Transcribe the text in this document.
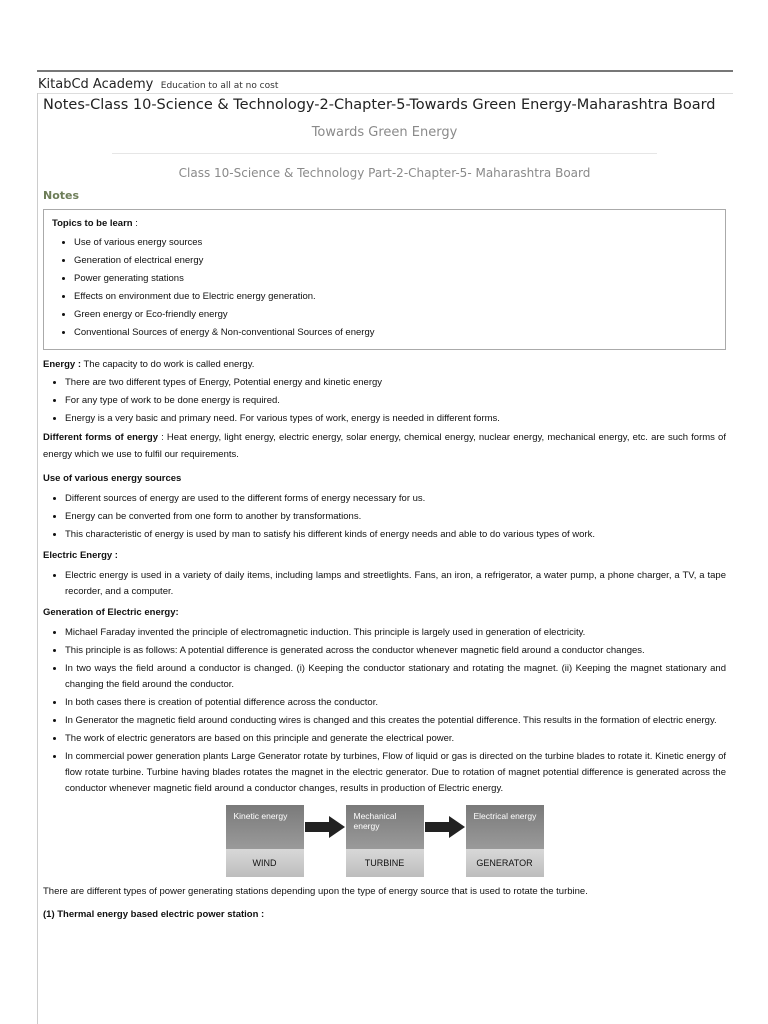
KitabCd Academy Education to all at no cost
Notes-Class 10-Science & Technology-2-Chapter-5-Towards Green Energy-Maharashtra Board
Towards Green Energy
Class 10-Science & Technology Part-2-Chapter-5- Maharashtra Board
Notes
Topics to be learn :
• Use of various energy sources
• Generation of electrical energy
• Power generating stations
• Effects on environment due to Electric energy generation.
• Green energy or Eco-friendly energy
• Conventional Sources of energy & Non-conventional Sources of energy

Energy : The capacity to do work is called energy.

• There are two different types of Energy, Potential energy and kinetic energy
• For any type of work to be done energy is required.
• Energy is a very basic and primary need. For various types of work, energy is needed in different forms.

Different forms of energy : Heat energy, light energy, electric energy, solar energy, chemical energy, nuclear energy, mechanical energy, etc. are such forms of energy which we use to fulfil our requirements.

Use of various energy sources

• Different sources of energy are used to the different forms of energy necessary for us.
• Energy can be converted from one form to another by transformations.
• This characteristic of energy is used by man to satisfy his different kinds of energy needs and able to do various types of work.

Electric Energy :

• Electric energy is used in a variety of daily items, including lamps and streetlights. Fans, an iron, a refrigerator, a water pump, a phone charger, a TV, a tape recorder, and a computer.

Generation of Electric energy:

• Michael Faraday invented the principle of electromagnetic induction. This principle is largely used in generation of electricity.
• This principle is as follows: A potential difference is generated across the conductor whenever magnetic field around a conductor changes.
• In two ways the field around a conductor is changed. (i) Keeping the conductor stationary and rotating the magnet. (ii) Keeping the magnet stationary and changing the field around the conductor.
• In both cases there is creation of potential difference across the conductor.
• In Generator the magnetic field around conducting wires is changed and this creates the potential difference. This results in the formation of electric energy.
• The work of electric generators are based on this principle and generate the electrical power.
• In commercial power generation plants Large Generator rotate by turbines, Flow of liquid or gas is directed on the turbine blades to rotate it. Kinetic energy of flow rotate turbine. Turbine having blades rotates the magnet in the electric generator. Due to rotation of magnet potential difference is generated across the conductor whenever magnetic field around a conductor changes, results in production of Electric energy.
Kinetic energy
WIND
Mechanical energy
TURBINE
Electrical energy
GENERATOR

There are different types of power generating stations depending upon the type of energy source that is used to rotate the turbine.

(1) Thermal energy based electric power station :
